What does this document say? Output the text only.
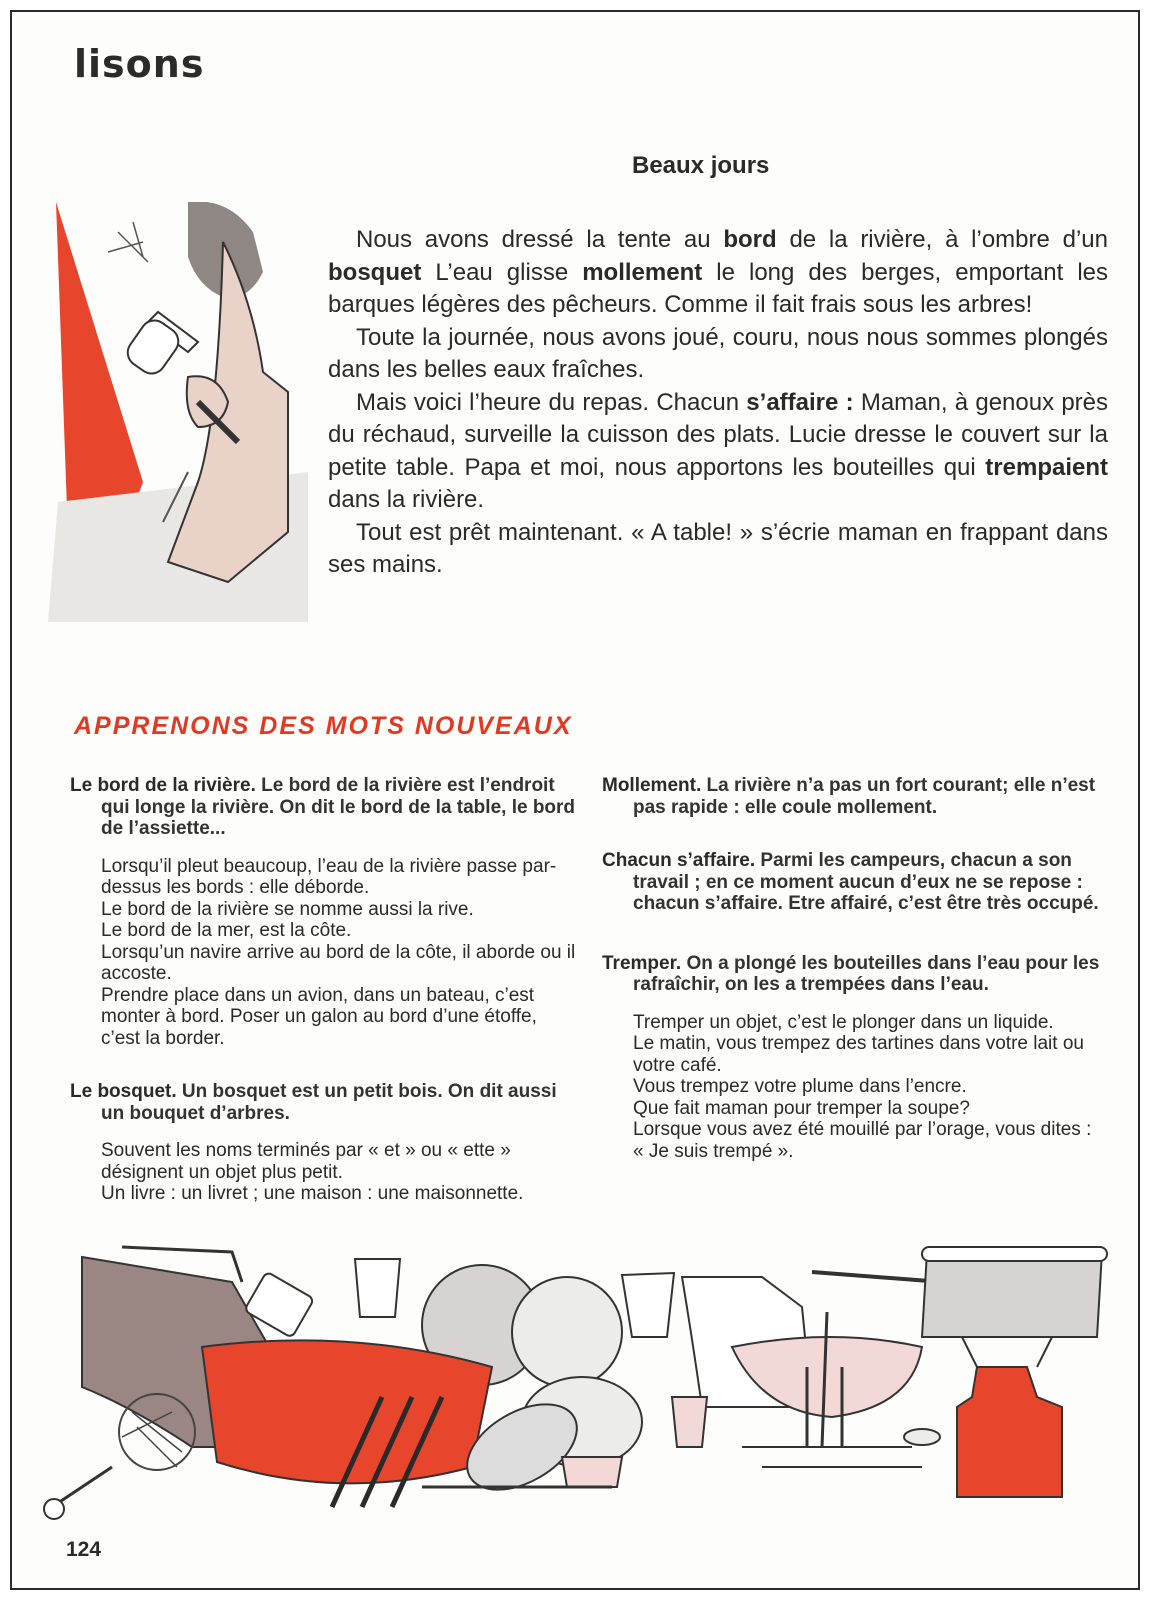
lisons
Beaux jours

Nous avons dressé la tente au bord de la rivière, à l’ombre d’un bosquet L’eau glisse mollement le long des berges, emportant les barques légères des pêcheurs. Comme il fait frais sous les arbres!

Toute la journée, nous avons joué, couru, nous nous sommes plongés dans les belles eaux fraîches.

Mais voici l’heure du repas. Chacun s’affaire : Maman, à genoux près du réchaud, surveille la cuisson des plats. Lucie dresse le couvert sur la petite table. Papa et moi, nous apportons les bouteilles qui trempaient dans la rivière.

Tout est prêt maintenant. « A table! » s’écrie maman en frappant dans ses mains.

APPRENONS DES MOTS NOUVEAUX

Le bord de la rivière. Le bord de la rivière est l’endroit qui longe la rivière. On dit le bord de la table, le bord de l’assiette...

Lorsqu’il pleut beaucoup, l’eau de la rivière passe par-dessus les bords : elle déborde.
Le bord de la rivière se nomme aussi la rive.
Le bord de la mer, est la côte.
Lorsqu’un navire arrive au bord de la côte, il aborde ou il accoste.
Prendre place dans un avion, dans un bateau, c’est monter à bord. Poser un galon au bord d’une étoffe, c’est la border.

Le bosquet. Un bosquet est un petit bois. On dit aussi un bouquet d’arbres.

Souvent les noms terminés par « et » ou « ette » désignent un objet plus petit.
Un livre : un livret ; une maison : une maisonnette.

Mollement. La rivière n’a pas un fort courant; elle n’est pas rapide : elle coule mollement.

Chacun s’affaire. Parmi les campeurs, chacun a son travail ; en ce moment aucun d’eux ne se repose : chacun s’affaire. Etre affairé, c’est être très occupé.

Tremper. On a plongé les bouteilles dans l’eau pour les rafraîchir, on les a trempées dans l’eau.

Tremper un objet, c’est le plonger dans un liquide.
Le matin, vous trempez des tartines dans votre lait ou votre café.
Vous trempez votre plume dans l’encre.
Que fait maman pour tremper la soupe?
Lorsque vous avez été mouillé par l’orage, vous dites : « Je suis trempé ».
124
